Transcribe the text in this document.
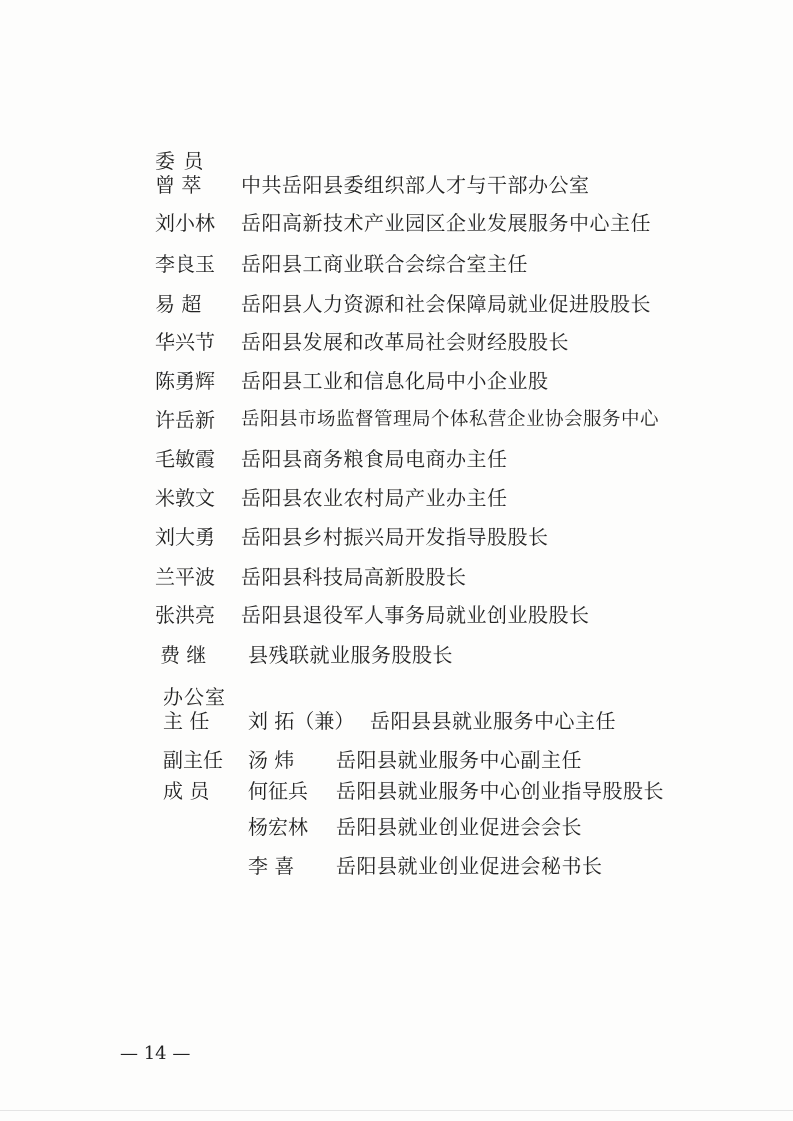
委 员
曾 萃 中共岳阳县委组织部人才与干部办公室
刘小林 岳阳高新技术产业园区企业发展服务中心主任
李良玉 岳阳县工商业联合会综合室主任
易 超 岳阳县人力资源和社会保障局就业促进股股长
华兴节 岳阳县发展和改革局社会财经股股长
陈勇辉 岳阳县工业和信息化局中小企业股
许岳新 岳阳县市场监督管理局个体私营企业协会服务中心
毛敏霞 岳阳县商务粮食局电商办主任
米敦文 岳阳县农业农村局产业办主任
刘大勇 岳阳县乡村振兴局开发指导股股长
兰平波 岳阳县科技局高新股股长
张洪亮 岳阳县退役军人事务局就业创业股股长
费 继 县残联就业服务股股长
办公室
主 任 刘 拓（兼） 岳阳县县就业服务中心主任
副主任 汤 炜 岳阳县就业服务中心副主任
成 员 何征兵 岳阳县就业服务中心创业指导股股长
杨宏林 岳阳县就业创业促进会会长
李 喜 岳阳县就业创业促进会秘书长
— 14 —
